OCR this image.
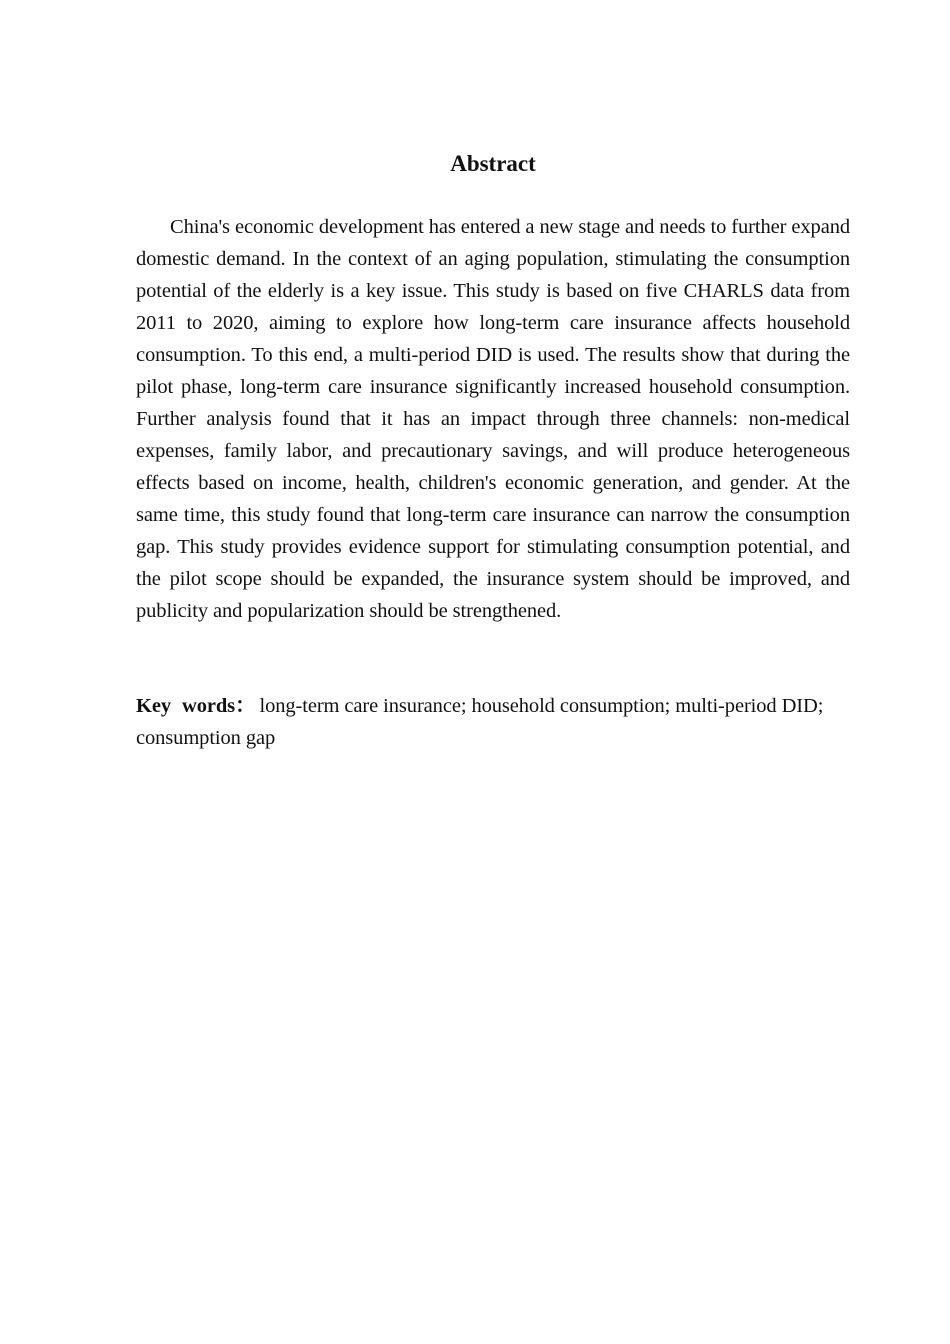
Abstract

China's economic development has entered a new stage and needs to further expand domestic demand. In the context of an aging population, stimulating the consumption potential of the elderly is a key issue. This study is based on five CHARLS data from 2011 to 2020, aiming to explore how long-term care insurance affects household consumption. To this end, a multi-period DID is used. The results show that during the pilot phase, long-term care insurance significantly increased household consumption. Further analysis found that it has an impact through three channels: non-medical expenses, family labor, and precautionary savings, and will produce heterogeneous effects based on income, health, children's economic generation, and gender. At the same time, this study found that long-term care insurance can narrow the consumption gap. This study provides evidence support for stimulating consumption potential, and the pilot scope should be expanded, the insurance system should be improved, and publicity and popularization should be strengthened.

Key words： long-term care insurance; household consumption; multi-period DID; consumption gap
